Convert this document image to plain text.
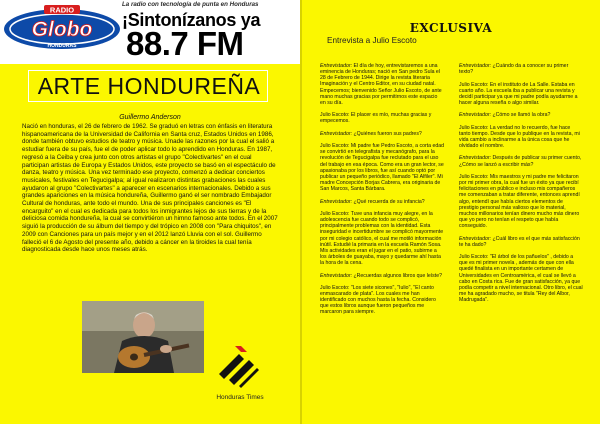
RADIO
Globo
HONDURAS
La radio con tecnología de punta en Honduras
¡Sintonízanos ya
88.7 FM
ARTE HONDUREÑA
Guillermo Anderson
Nació en honduras, el 26 de febrero de 1962. Se graduó en letras con énfasis en literatura hispanoamericana de la Universidad de California en Santa cruz, Estados Unidos en 1986, donde también obtuvo estudios de teatro y música. Unade las razones por la cual el salió a estudiar fuera de su país, fue el de poder aplicar todo lo aprendido en Honduras. En 1987, regresó a la Ceiba y crea junto con otros artistas el grupo "Colectivartes" en el cual participan artistas de Europa y Estados Unidos, este proyecto se basó en el espectáculo de danza, teatro y música. Una vez terminado ese proyecto, comenzó a dedicar conciertos musicales, festivales en Tegucigalpa; al igual realizaron distintas grabaciones las cuales ayudaron al grupo "Colectivartes" a aparecer en escenarios internacionales. Debido a sus grandes apariciones en la música hondureña, Guillermo ganó el ser nombrado Embajador Cultural de honduras, ante todo el mundo. Una de sus principales canciones es "El encarguito" en el cual es dedicada para todos los inmigrantes lejos de sus tierras y de la deliciosa comida hondureña, la cual se convirtiéron un himno famoso ante todos. En el 2007 siguió la producción de su álbum del tiempo y del trópico en 2008 con "Para chiquitos", en 2009 con Canciones para un país mejor y en el 2012 lanzó Lluvia con el sol. Guillermo falleció el 6 de Agosto del presente año, debido a cáncer en la tiroides la cual tenía diagnosticada desde hace unos meses atrás.
Honduras Times
EXCLUSIVA
Entrevista a Julio Escoto

Entrevistador: El día de hoy, entrevistaremos a una eminencia de Honduras; nació en San pedro Sula el 28 de Febrero de 1944. Dirige la revista literaria Imaginación y el Centro Editor, en su ciudad natal. Empecemos; bienvenido Señor Julio Escoto, de ante mano muchas gracias por permitirnos este espacio en su día.

Julio Escoto: El placer es mío, muchas gracias y empecemos.

Entrevistador: ¿Quiénes fueron sus padres?

Julio Escoto: Mi padre fue Pedro Escoto, a corta edad se convirtió en telegrafista y mecanógrafo, para la revolución de Tegucigalpa fue reclutado para el uso del trabajo en esa época. Como era un gran lector, se apasionaba por los libros, fue así cuando optó por publicar un pequeño periódico, llamado "El Alfiler". Mi madre Concepción Borjas Cabrera, era originaria de San Marcos, Santa Bárbara.

Entrevistador: ¿Qué recuerda de su infancia?

Julio Escoto: Tuve una infancia muy alegre, en la adolescencia fue cuando todo se complicó, principalmente problemas con la identidad. Esta inseguridad e incertidumbre se complicó mayormente por mi colegio católico, el cual me motiló información inútil. Estudié la primaria en la escuela Ramón Sosa. Mis actividades eran el jugar en el patio, subirme a los árboles de guayaba, mayo y quedarme ahí hasta la hora de la cena.

Entrevistador: ¿Recuerdas algunos libros que leíste?

Julio Escoto: "Los siete sicones", "Iulio", "El canto enmascarado de plata". Los cuales me han identificado con muchos hasta la fecha. Considero que estos libros aunque fueron pequeños me marcaron para siempre.

Entrevistador: ¿Cuándo da a conocer su primer texto?

Julio Escoto: En el instituto de La Salle. Estaba en cuarto año. La escuela iba a publicar una revista y decidí participar ya que mi padre podía ayudarme a hacer alguna reseña o algo similar.

Entrevistador: ¿Cómo se llamó la obra?

Julio Escoto: La verdad no lo recuerdo, fue hace tanto tiempo. Desde que lo publique en la revista, mi vida cambio a inclinarme a la única cosa que he olvidado el nombre.

Entrevistador: Después de publicar su primer cuento, ¿Cómo se lanzó a escribir más?

Julio Escoto: Mis maestros y mi padre me felicitaron por mi primer obra, la cual fue un éxito ya que recibí felicitaciones en público e incluso mis compañeros me comenzaban a tratar diferente, entonces aprendí algo, entendí que había ciertos elementos de prestigio personal más valioso que lo material, muchos millonarios tenían dinero mucho más dinero que yo pero no tenían el respeto que había conseguido.

Entrevistador: ¿Cuál libro es el que más satisfacción te ha dado?

Julio Escoto: "El árbol de los pañuelos" , debido a que es mi primer novela , además de que con ella quedé finalista en un importante certamen de Universidades en Centroamérica, el cual se llevó a cabo en Costa rica. Fue de gran satisfacción, ya que podía competir a nivel internacional. Otro libro, el cual me ha agradado mucho, se titula "Rey del Albor, Madrugada".
